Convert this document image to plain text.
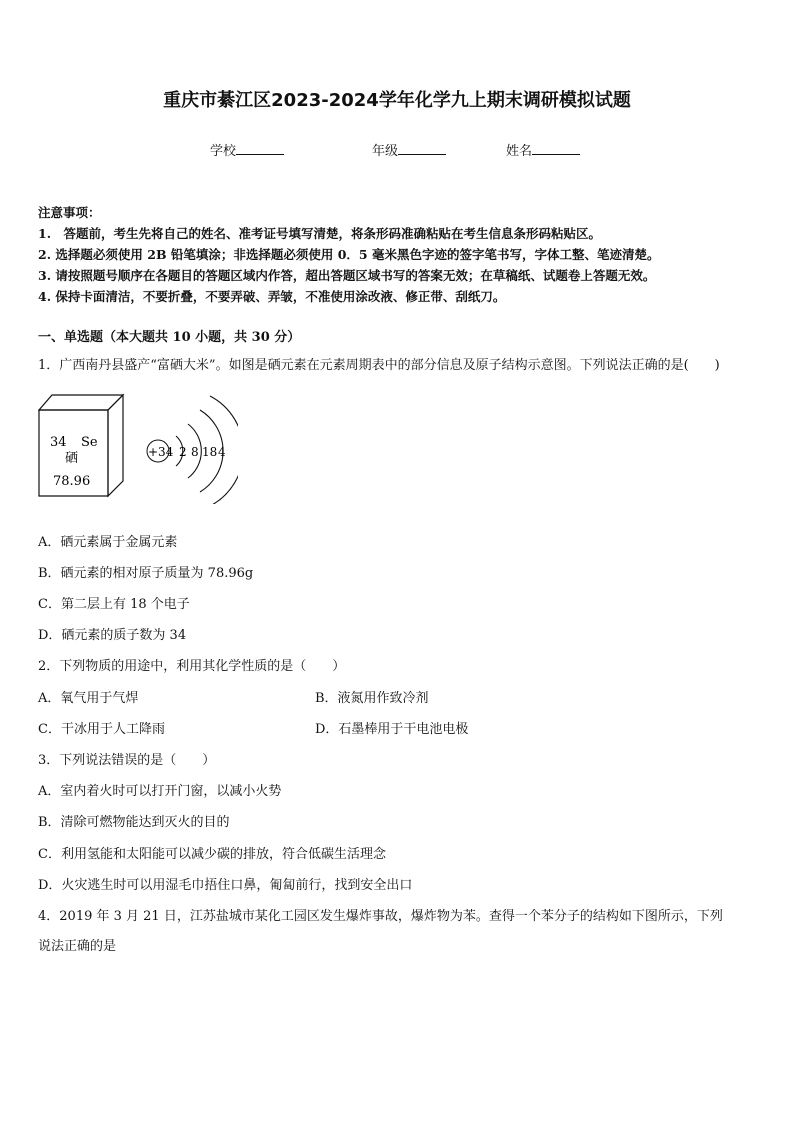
重庆市綦江区2023-2024学年化学九上期末调研模拟试题
学校	年级	姓名
注意事项：
1.　答题前，考生先将自己的姓名、准考证号填写清楚，将条形码准确粘贴在考生信息条形码粘贴区。
2. 选择题必须使用 2B 铅笔填涂；非选择题必须使用 0．5 毫米黑色字迹的签字笔书写，字体工整、笔迹清楚。
3. 请按照题号顺序在各题目的答题区域内作答，超出答题区域书写的答案无效；在草稿纸、试题卷上答题无效。
4. 保持卡面清洁，不要折叠，不要弄破、弄皱，不准使用涂改液、修正带、刮纸刀。
一、单选题（本大题共 10 小题，共 30 分）
1．广西南丹县盛产“富硒大米”。如图是硒元素在元素周期表中的部分信息及原子结构示意图。下列说法正确的是(　　)
34 Se
硒
78.96
+34 2 8 18 4
A．硒元素属于金属元素
B．硒元素的相对原子质量为 78.96g
C．第二层上有 18 个电子
D．硒元素的质子数为 34
2．下列物质的用途中，利用其化学性质的是（　　）
A．氧气用于气焊	B．液氮用作致冷剂
C．干冰用于人工降雨	D．石墨棒用于干电池电极
3．下列说法错误的是（　　）
A．室内着火时可以打开门窗，以减小火势
B．清除可燃物能达到灭火的目的
C．利用氢能和太阳能可以减少碳的排放，符合低碳生活理念
D．火灾逃生时可以用湿毛巾捂住口鼻，匍匐前行，找到安全出口
4．2019 年 3 月 21 日，江苏盐城市某化工园区发生爆炸事故，爆炸物为苯。查得一个苯分子的结构如下图所示，下列
说法正确的是
